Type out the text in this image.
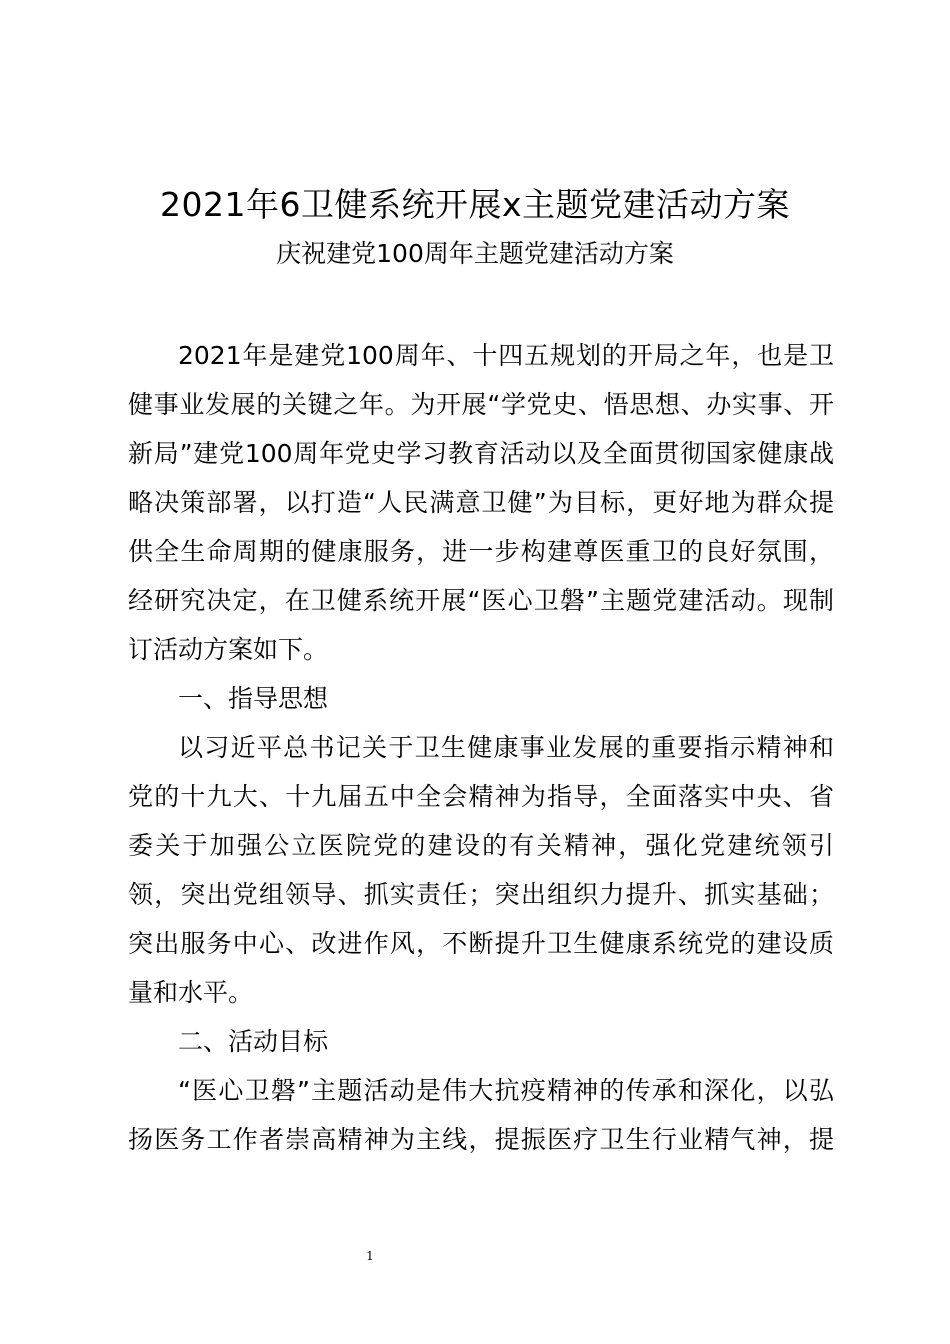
2021年6卫健系统开展x主题党建活动方案
庆祝建党100周年主题党建活动方案
2021年是建党100周年、十四五规划的开局之年，也是卫
健事业发展的关键之年。为开展“学党史、悟思想、办实事、开
新局”建党100周年党史学习教育活动以及全面贯彻国家健康战
略决策部署，以打造“人民满意卫健”为目标，更好地为群众提
供全生命周期的健康服务，进一步构建尊医重卫的良好氛围，
经研究决定，在卫健系统开展“医心卫磐”主题党建活动。现制
订活动方案如下。
一、指导思想
以习近平总书记关于卫生健康事业发展的重要指示精神和
党的十九大、十九届五中全会精神为指导，全面落实中央、省
委关于加强公立医院党的建设的有关精神，强化党建统领引
领，突出党组领导、抓实责任；突出组织力提升、抓实基础；
突出服务中心、改进作风，不断提升卫生健康系统党的建设质
量和水平。
二、活动目标
“医心卫磐”主题活动是伟大抗疫精神的传承和深化，以弘
扬医务工作者崇高精神为主线，提振医疗卫生行业精气神，提
1
